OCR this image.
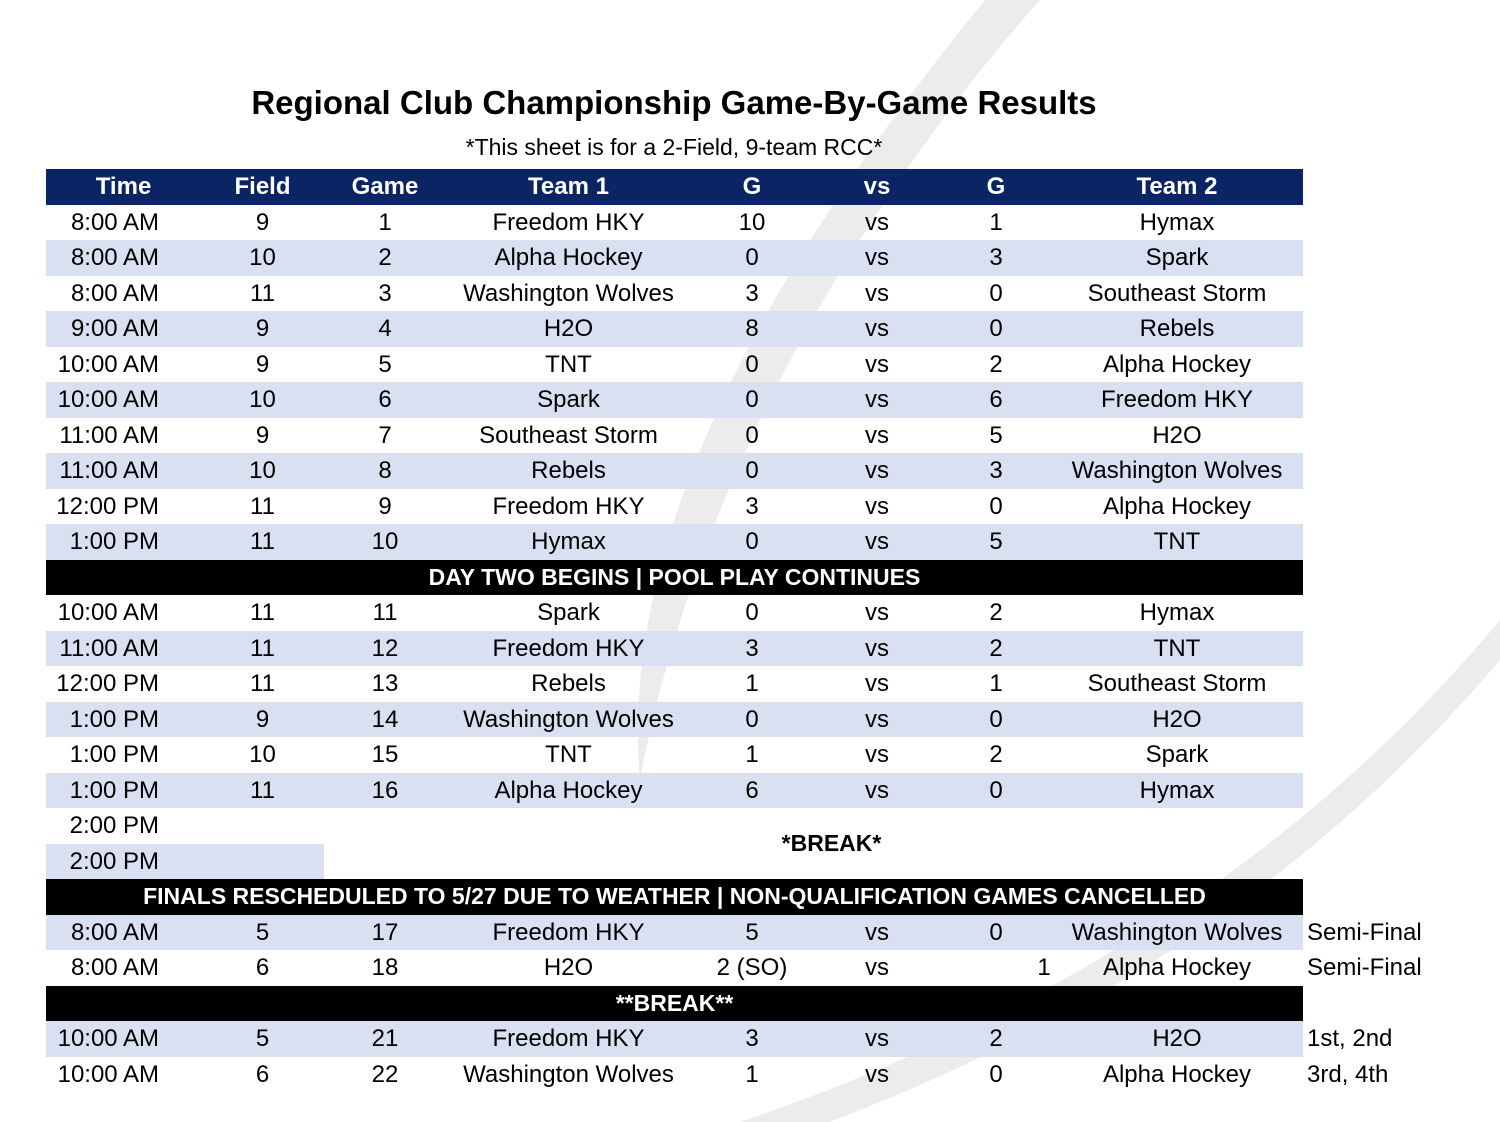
Regional Club Championship Game-By-Game Results
*This sheet is for a 2-Field, 9-team RCC*
Time	Field	Game	Team 1	G	vs	G	Team 2	
8:00 AM	9	1	Freedom HKY	10	vs	1	Hymax	
8:00 AM	10	2	Alpha Hockey	0	vs	3	Spark	
8:00 AM	11	3	Washington Wolves	3	vs	0	Southeast Storm	
9:00 AM	9	4	H2O	8	vs	0	Rebels	
10:00 AM	9	5	TNT	0	vs	2	Alpha Hockey	
10:00 AM	10	6	Spark	0	vs	6	Freedom HKY	
11:00 AM	9	7	Southeast Storm	0	vs	5	H2O	
11:00 AM	10	8	Rebels	0	vs	3	Washington Wolves	
12:00 PM	11	9	Freedom HKY	3	vs	0	Alpha Hockey	
1:00 PM	11	10	Hymax	0	vs	5	TNT	
DAY TWO BEGINS | POOL PLAY CONTINUES								
10:00 AM	11	11	Spark	0	vs	2	Hymax	
11:00 AM	11	12	Freedom HKY	3	vs	2	TNT	
12:00 PM	11	13	Rebels	1	vs	1	Southeast Storm	
1:00 PM	9	14	Washington Wolves	0	vs	0	H2O	
1:00 PM	10	15	TNT	1	vs	2	Spark	
1:00 PM	11	16	Alpha Hockey	6	vs	0	Hymax	
2:00 PM		*BREAK*						
2:00 PM								
FINALS RESCHEDULED TO 5/27 DUE TO WEATHER | NON-QUALIFICATION GAMES CANCELLED								
8:00 AM	5	17	Freedom HKY	5	vs	0	Washington Wolves	Semi-Final
8:00 AM	6	18	H2O	2 (SO)	vs	1	Alpha Hockey	Semi-Final
**BREAK**								
10:00 AM	5	21	Freedom HKY	3	vs	2	H2O	1st, 2nd
10:00 AM	6	22	Washington Wolves	1	vs	0	Alpha Hockey	3rd, 4th
